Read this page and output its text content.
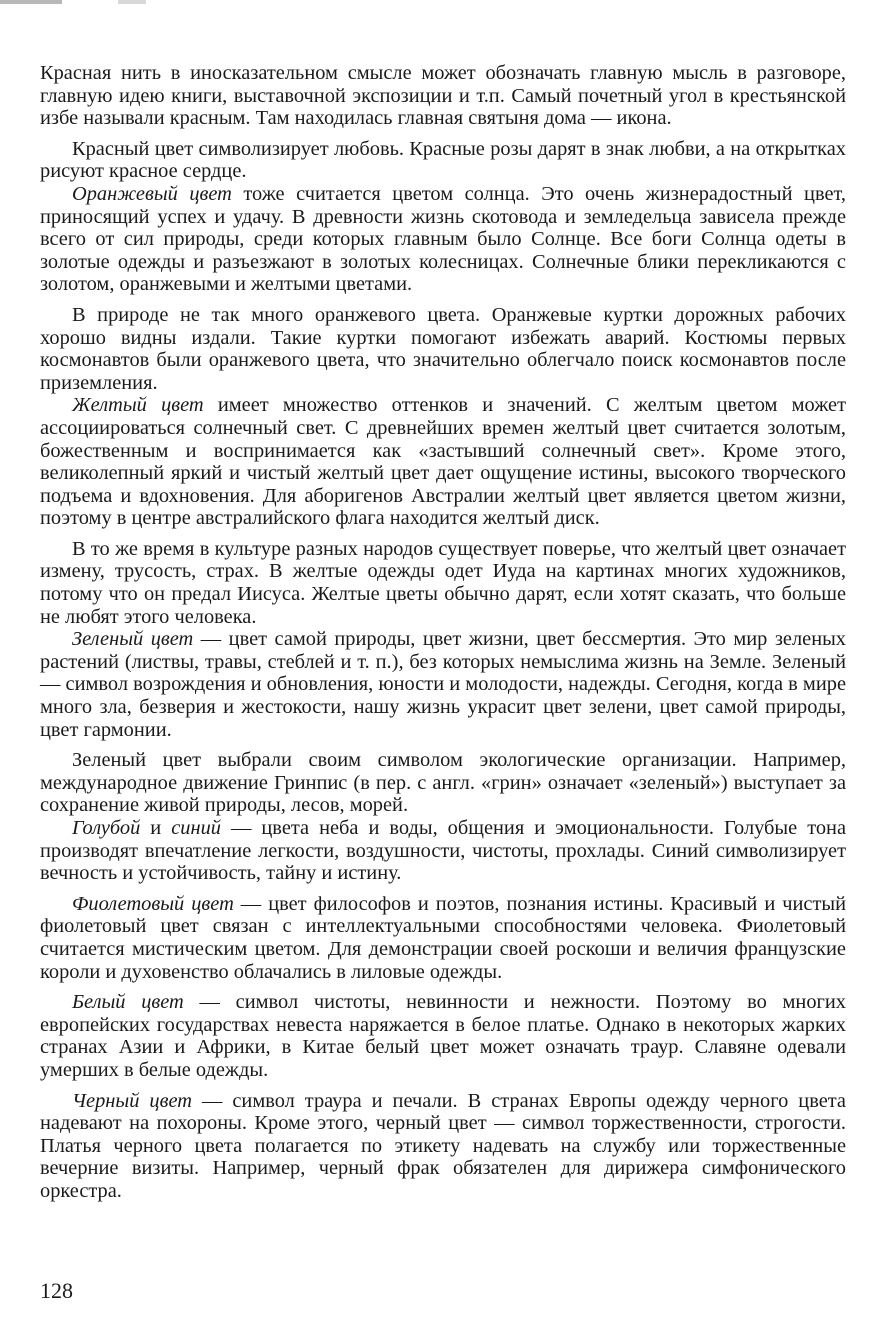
Красная нить в иносказательном смысле может обозначать главную мысль в разговоре, главную идею книги, выставочной экспозиции и т.п. Самый почетный угол в крестьянской избе называли красным. Там находилась главная святыня дома — икона.

Красный цвет символизирует любовь. Красные розы дарят в знак любви, а на открытках рисуют красное сердце.

Оранжевый цвет тоже считается цветом солнца. Это очень жизнерадостный цвет, приносящий успех и удачу. В древности жизнь скотовода и земледельца зависела прежде всего от сил природы, среди которых главным было Солнце. Все боги Солнца одеты в золотые одежды и разъезжают в золотых колесницах. Солнечные блики перекликаются с золотом, оранжевыми и желтыми цветами.

В природе не так много оранжевого цвета. Оранжевые куртки дорожных рабочих хорошо видны издали. Такие куртки помогают избежать аварий. Костюмы первых космонавтов были оранжевого цвета, что значительно облегчало поиск космонавтов после приземления.

Желтый цвет имеет множество оттенков и значений. С желтым цветом может ассоциироваться солнечный свет. С древнейших времен желтый цвет считается золотым, божественным и воспринимается как «застывший солнечный свет». Кроме этого, великолепный яркий и чистый желтый цвет дает ощущение истины, высокого творческого подъема и вдохновения. Для аборигенов Австралии желтый цвет является цветом жизни, поэтому в центре австралийского флага находится желтый диск.

В то же время в культуре разных народов существует поверье, что желтый цвет означает измену, трусость, страх. В желтые одежды одет Иуда на картинах многих художников, потому что он предал Иисуса. Желтые цветы обычно дарят, если хотят сказать, что больше не любят этого человека.

Зеленый цвет — цвет самой природы, цвет жизни, цвет бессмертия. Это мир зеленых растений (листвы, травы, стеблей и т. п.), без которых немыслима жизнь на Земле. Зеленый — символ возрождения и обновления, юности и молодости, надежды. Сегодня, когда в мире много зла, безверия и жестокости, нашу жизнь украсит цвет зелени, цвет самой природы, цвет гармонии.

Зеленый цвет выбрали своим символом экологические организации. Например, международное движение Гринпис (в пер. с англ. «грин» означает «зеленый») выступает за сохранение живой природы, лесов, морей.

Голубой и синий — цвета неба и воды, общения и эмоциональности. Голубые тона производят впечатление легкости, воздушности, чистоты, прохлады. Синий символизирует вечность и устойчивость, тайну и истину.

Фиолетовый цвет — цвет философов и поэтов, познания истины. Красивый и чистый фиолетовый цвет связан с интеллектуальными способностями человека. Фиолетовый считается мистическим цветом. Для демонстрации своей роскоши и величия французские короли и духовенство облачались в лиловые одежды.

Белый цвет — символ чистоты, невинности и нежности. Поэтому во многих европейских государствах невеста наряжается в белое платье. Однако в некоторых жарких странах Азии и Африки, в Китае белый цвет может означать траур. Славяне одевали умерших в белые одежды.

Черный цвет — символ траура и печали. В странах Европы одежду черного цвета надевают на похороны. Кроме этого, черный цвет — символ торжественности, строгости. Платья черного цвета полагается по этикету надевать на службу или торжественные вечерние визиты. Например, черный фрак обязателен для дирижера симфонического оркестра.

128
